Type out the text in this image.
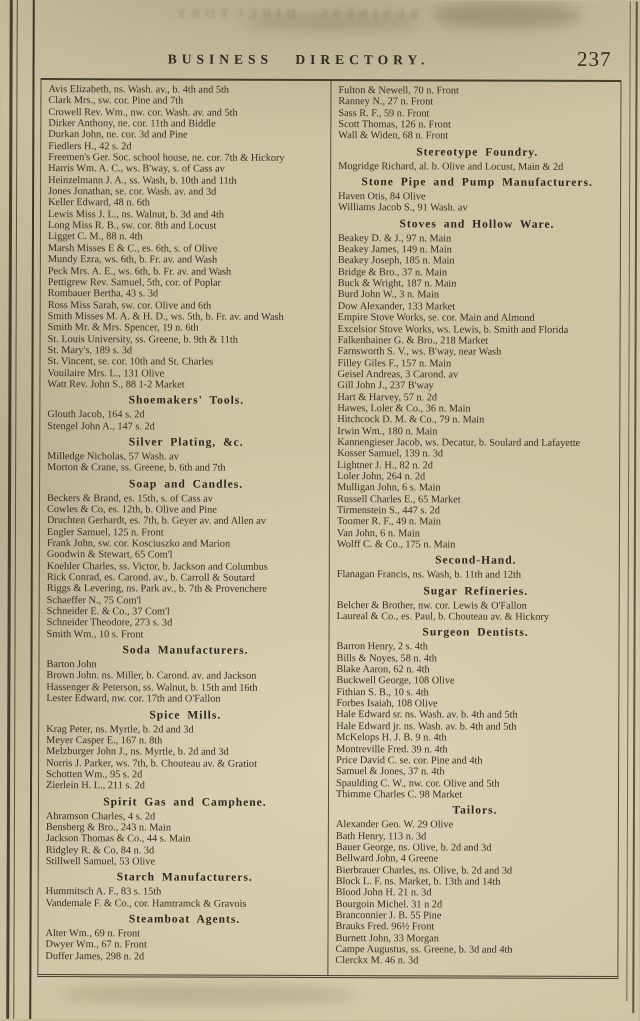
BUSINESS DIRECTORY.
BUSINESS DIRECTORY.	237
Avis Elizabeth, ns. Wash. av., b. 4th and 5th
Clark Mrs., sw. cor. Pine and 7th
Crowell Rev. Wm., nw. cor. Wash. av. and 5th
Dirker Anthony, ne. cor. 11th and Biddle
Durkan John, ne. cor. 3d and Pine
Fiedlers H., 42 s. 2d
Freemen's Ger. Soc. school house, ne. cor. 7th & Hickory
Harris Wm. A. C., ws. B'way, s. of Cass av
Heinzelmann J. A., ss. Wash, b. 10th and 11th
Jones Jonathan, se. cor. Wash. av. and 3d
Keller Edward, 48 n. 6th
Lewis Miss J. L., ns. Walnut, b. 3d and 4th
Long Miss R. B., sw. cor. 8th and Locust
Ligget C. M., 88 n. 4th
Marsh Misses E & C., es. 6th, s. of Olive
Mundy Ezra, ws. 6th, b. Fr. av. and Wash
Peck Mrs. A. E., ws. 6th, b. Fr. av. and Wash
Pettigrew Rev. Samuel, 5th, cor. of Poplar
Rombauer Bertha, 43 s. 3d
Ross Miss Sarah, sw. cor. Olive and 6th
Smith Misses M. A. & H. D., ws. 5th, b. Fr. av. and Wash
Smith Mr. & Mrs. Spencer, 19 n. 6th
St. Louis University, ss. Greene, b. 9th & 11th
St. Mary's, 189 s. 3d
St. Vincent, se. cor. 10th and St. Charles
Vouilaire Mrs. L., 131 Olive
Watt Rev. John S., 88 1-2 Market
Shoemakers' Tools.
Glouth Jacob, 164 s. 2d
Stengel John A., 147 s. 2d
Silver Plating, &c.
Milledge Nicholas, 57 Wash. av
Morton & Crane, ss. Greene, b. 6th and 7th
Soap and Candles.
Beckers & Brand, es. 15th, s. of Cass av
Cowles & Co, es. 12th, b. Olive and Pine
Druchten Gerhardt, es. 7th, b. Geyer av. and Allen av
Engler Samuel, 125 n. Front
Frank John, sw. cor. Kosciuszko and Marion
Goodwin & Stewart, 65 Com'l
Koehler Charles, ss. Victor, b. Jackson and Columbus
Rick Conrad, es. Carond. av., b. Carroll & Soutard
Riggs & Levering, ns. Park av., b. 7th & Provenchere
Schaeffer N., 75 Com'l
Schneider E. & Co., 37 Com'l
Schneider Theodore, 273 s. 3d
Smith Wm., 10 s. Front
Soda Manufacturers.
Barton John
Brown John. ns. Miller, b. Carond. av. and Jackson
Hassenger & Peterson, ss. Walnut, b. 15th and 16th
Lester Edward, nw. cor. 17th and O'Fallon
Spice Mills.
Krag Peter, ns. Myrtle, b. 2d and 3d
Meyer Casper E., 167 n. 8th
Melzburger John J., ns. Myrtle, b. 2d and 3d
Norris J. Parker, ws. 7th, b. Chouteau av. & Gratiot
Schotten Wm., 95 s. 2d
Zierlein H. L., 211 s. 2d
Spirit Gas and Camphene.
Abramson Charles, 4 s. 2d
Bensberg & Bro., 243 n. Main
Jackson Thomas & Co., 44 s. Main
Ridgley R. & Co, 84 n. 3d
Stillwell Samuel, 53 Olive
Starch Manufacturers.
Hummitsch A. F., 83 s. 15th
Vandemale F. & Co., cor. Hamtramck & Gravois
Steamboat Agents.
Alter Wm., 69 n. Front
Dwyer Wm., 67 n. Front
Duffer James, 298 n. 2d
Fulton & Newell, 70 n. Front
Ranney N., 27 n. Front
Sass R. F., 59 n. Front
Scott Thomas, 126 n. Front
Wall & Widen, 68 n. Front
Stereotype Foundry.
Mogridge Richard, al. b. Olive and Locust, Main & 2d
Stone Pipe and Pump Manufacturers.
Haven Otis, 84 Olive
Williams Jacob S., 91 Wash. av
Stoves and Hollow Ware.
Beakey D. & J., 97 n. Main
Beakey James, 149 n. Main
Beakey Joseph, 185 n. Main
Bridge & Bro., 37 n. Main
Buck & Wright, 187 n. Main
Burd John W., 3 n. Main
Dow Alexander, 133 Market
Empire Stove Works, se. cor. Main and Almond
Excelsior Stove Works, ws. Lewis, b. Smith and Florida
Falkenhainer G. & Bro., 218 Market
Farnsworth S. V., ws. B'way, near Wash
Filley Giles F., 157 n. Main
Geisel Andreas, 3 Carond. av
Gill John J., 237 B'way
Hart & Harvey, 57 n. 2d
Hawes, Loler & Co., 36 n. Main
Hitchcock D. M. & Co., 79 n. Main
Irwin Wm., 180 n. Main
Kannengieser Jacob, ws. Decatur, b. Soulard and Lafayette
Kosser Samuel, 139 n. 3d
Lightner J. H., 82 n. 2d
Loler John, 264 n. 2d
Mulligan John, 6 s. Main
Russell Charles E., 65 Market
Tirmenstein S., 447 s. 2d
Toomer R. F., 49 n. Main
Van John, 6 n. Main
Wolff C. & Co., 175 n. Main
Second-Hand.
Flanagan Francis, ns. Wash, b. 11th and 12th
Sugar Refineries.
Belcher & Brother, nw. cor. Lewis & O'Fallon
Laureal & Co., es. Paul, b. Chouteau av. & Hickory
Surgeon Dentists.
Barron Henry, 2 s. 4th
Bills & Noyes, 58 n. 4th
Blake Aaron, 62 n. 4th
Buckwell George, 108 Olive
Fithian S. B., 10 s. 4th
Forbes Isaiah, 108 Olive
Hale Edward sr. ns. Wash. av. b. 4th and 5th
Hale Edward jr. ns. Wash. av. b. 4th and 5th
McKelops H. J. B. 9 n. 4th
Montreville Fred. 39 n. 4th
Price David C. se. cor. Pine and 4th
Samuel & Jones, 37 n. 4th
Spaulding C. W., nw. cor. Olive and 5th
Thimme Charles C. 98 Market
Tailors.
Alexander Geo. W. 29 Olive
Bath Henry, 113 n. 3d
Bauer George, ns. Olive, b. 2d and 3d
Bellward John, 4 Greene
Bierbrauer Charles, ns. Olive, b. 2d and 3d
Block L. F. ns. Market, b. 13th and 14th
Blood John H. 21 n. 3d
Bourgoin Michel. 31 n 2d
Branconnier J. B. 55 Pine
Brauks Fred. 96½ Front
Burnett John, 33 Morgan
Campe Augustus, ss. Greene, b. 3d and 4th
Clerckx M. 46 n. 3d
